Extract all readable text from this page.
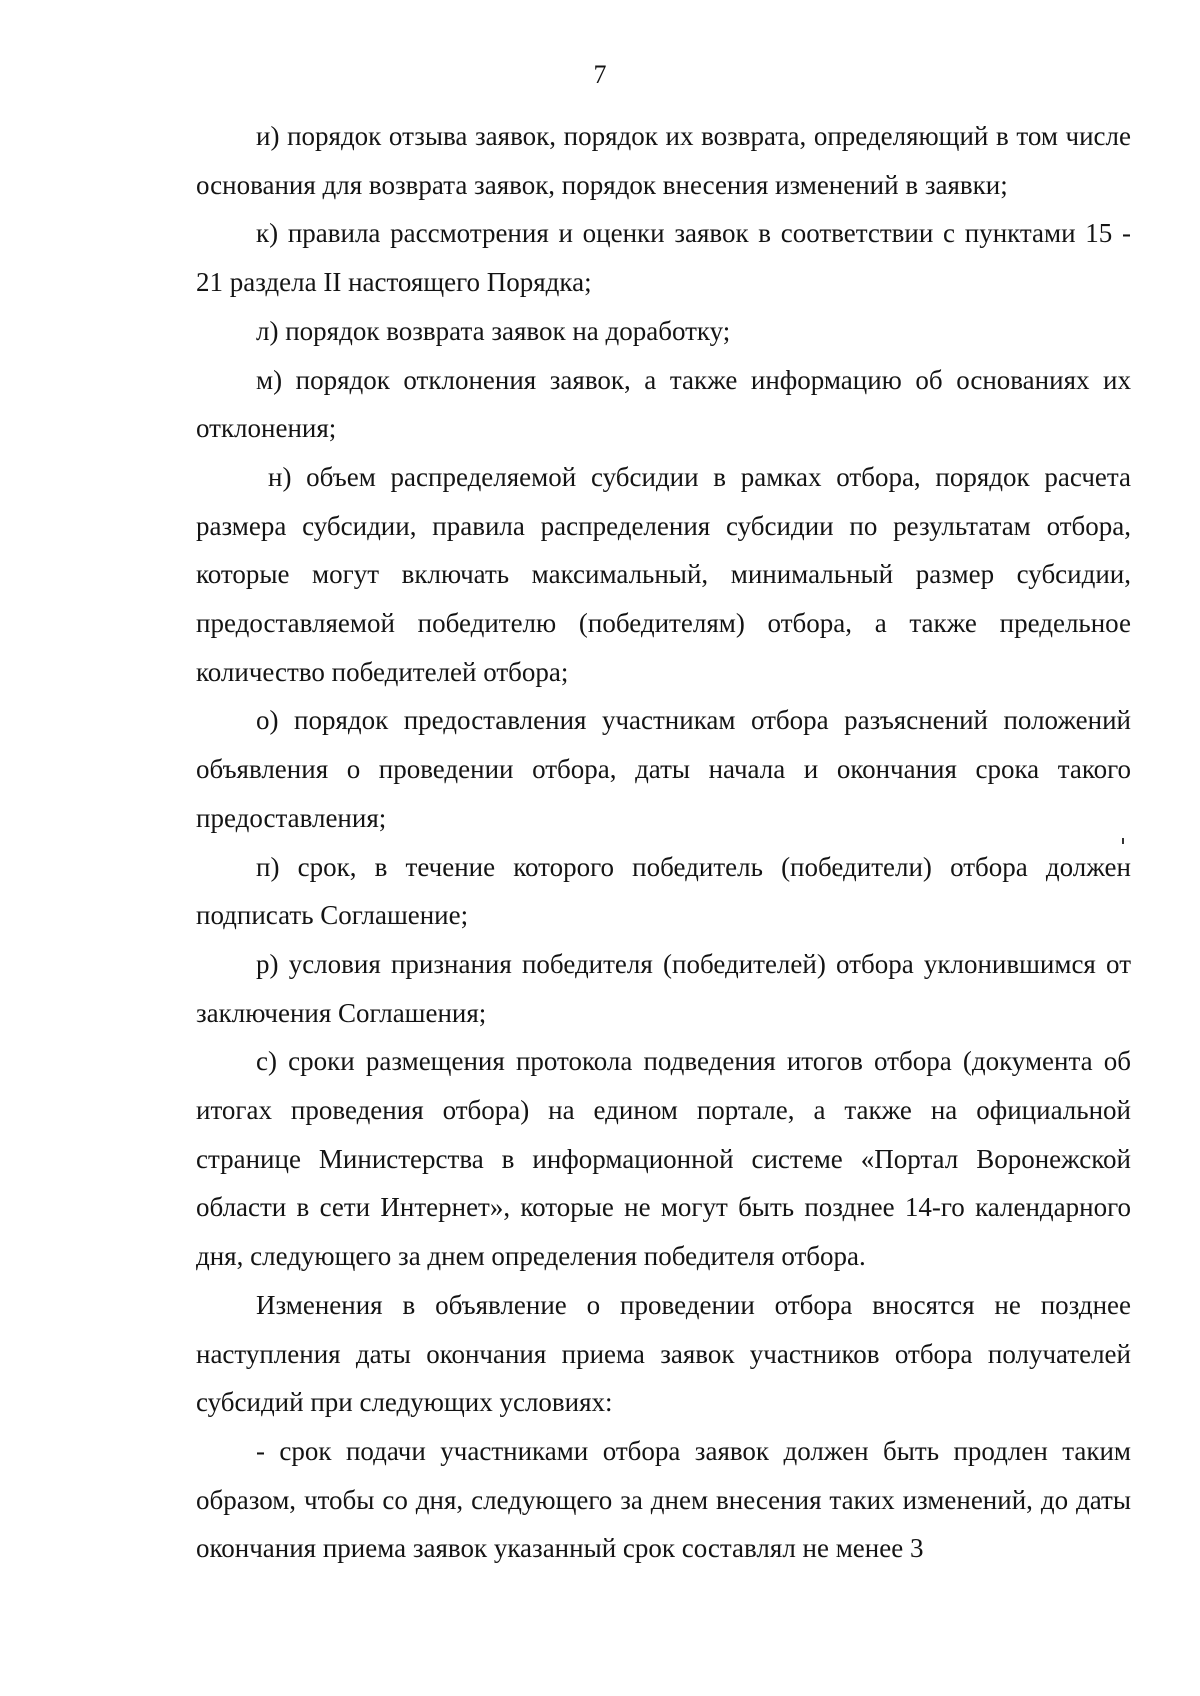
7

и) порядок отзыва заявок, порядок их возврата, определяющий в том числе основания для возврата заявок, порядок внесения изменений в заявки;

к) правила рассмотрения и оценки заявок в соответствии с пунктами 15 - 21 раздела II настоящего Порядка;

л) порядок возврата заявок на доработку;

м) порядок отклонения заявок, а также информацию об основаниях их отклонения;

н) объем распределяемой субсидии в рамках отбора, порядок расчета размера субсидии, правила распределения субсидии по результатам отбора, которые могут включать максимальный, минимальный размер субсидии, предоставляемой победителю (победителям) отбора, а также предельное количество победителей отбора;

о) порядок предоставления участникам отбора разъяснений положений объявления о проведении отбора, даты начала и окончания срока такого предоставления;

п) срок, в течение которого победитель (победители) отбора должен подписать Соглашение;

р) условия признания победителя (победителей) отбора уклонившимся от заключения Соглашения;

с) сроки размещения протокола подведения итогов отбора (документа об итогах проведения отбора) на едином портале, а также на официальной странице Министерства в информационной системе «Портал Воронежской области в сети Интернет», которые не могут быть позднее 14-го календарного дня, следующего за днем определения победителя отбора.

Изменения в объявление о проведении отбора вносятся не позднее наступления даты окончания приема заявок участников отбора получателей субсидий при следующих условиях:

- срок подачи участниками отбора заявок должен быть продлен таким образом, чтобы со дня, следующего за днем внесения таких изменений, до даты окончания приема заявок указанный срок составлял не менее 3
